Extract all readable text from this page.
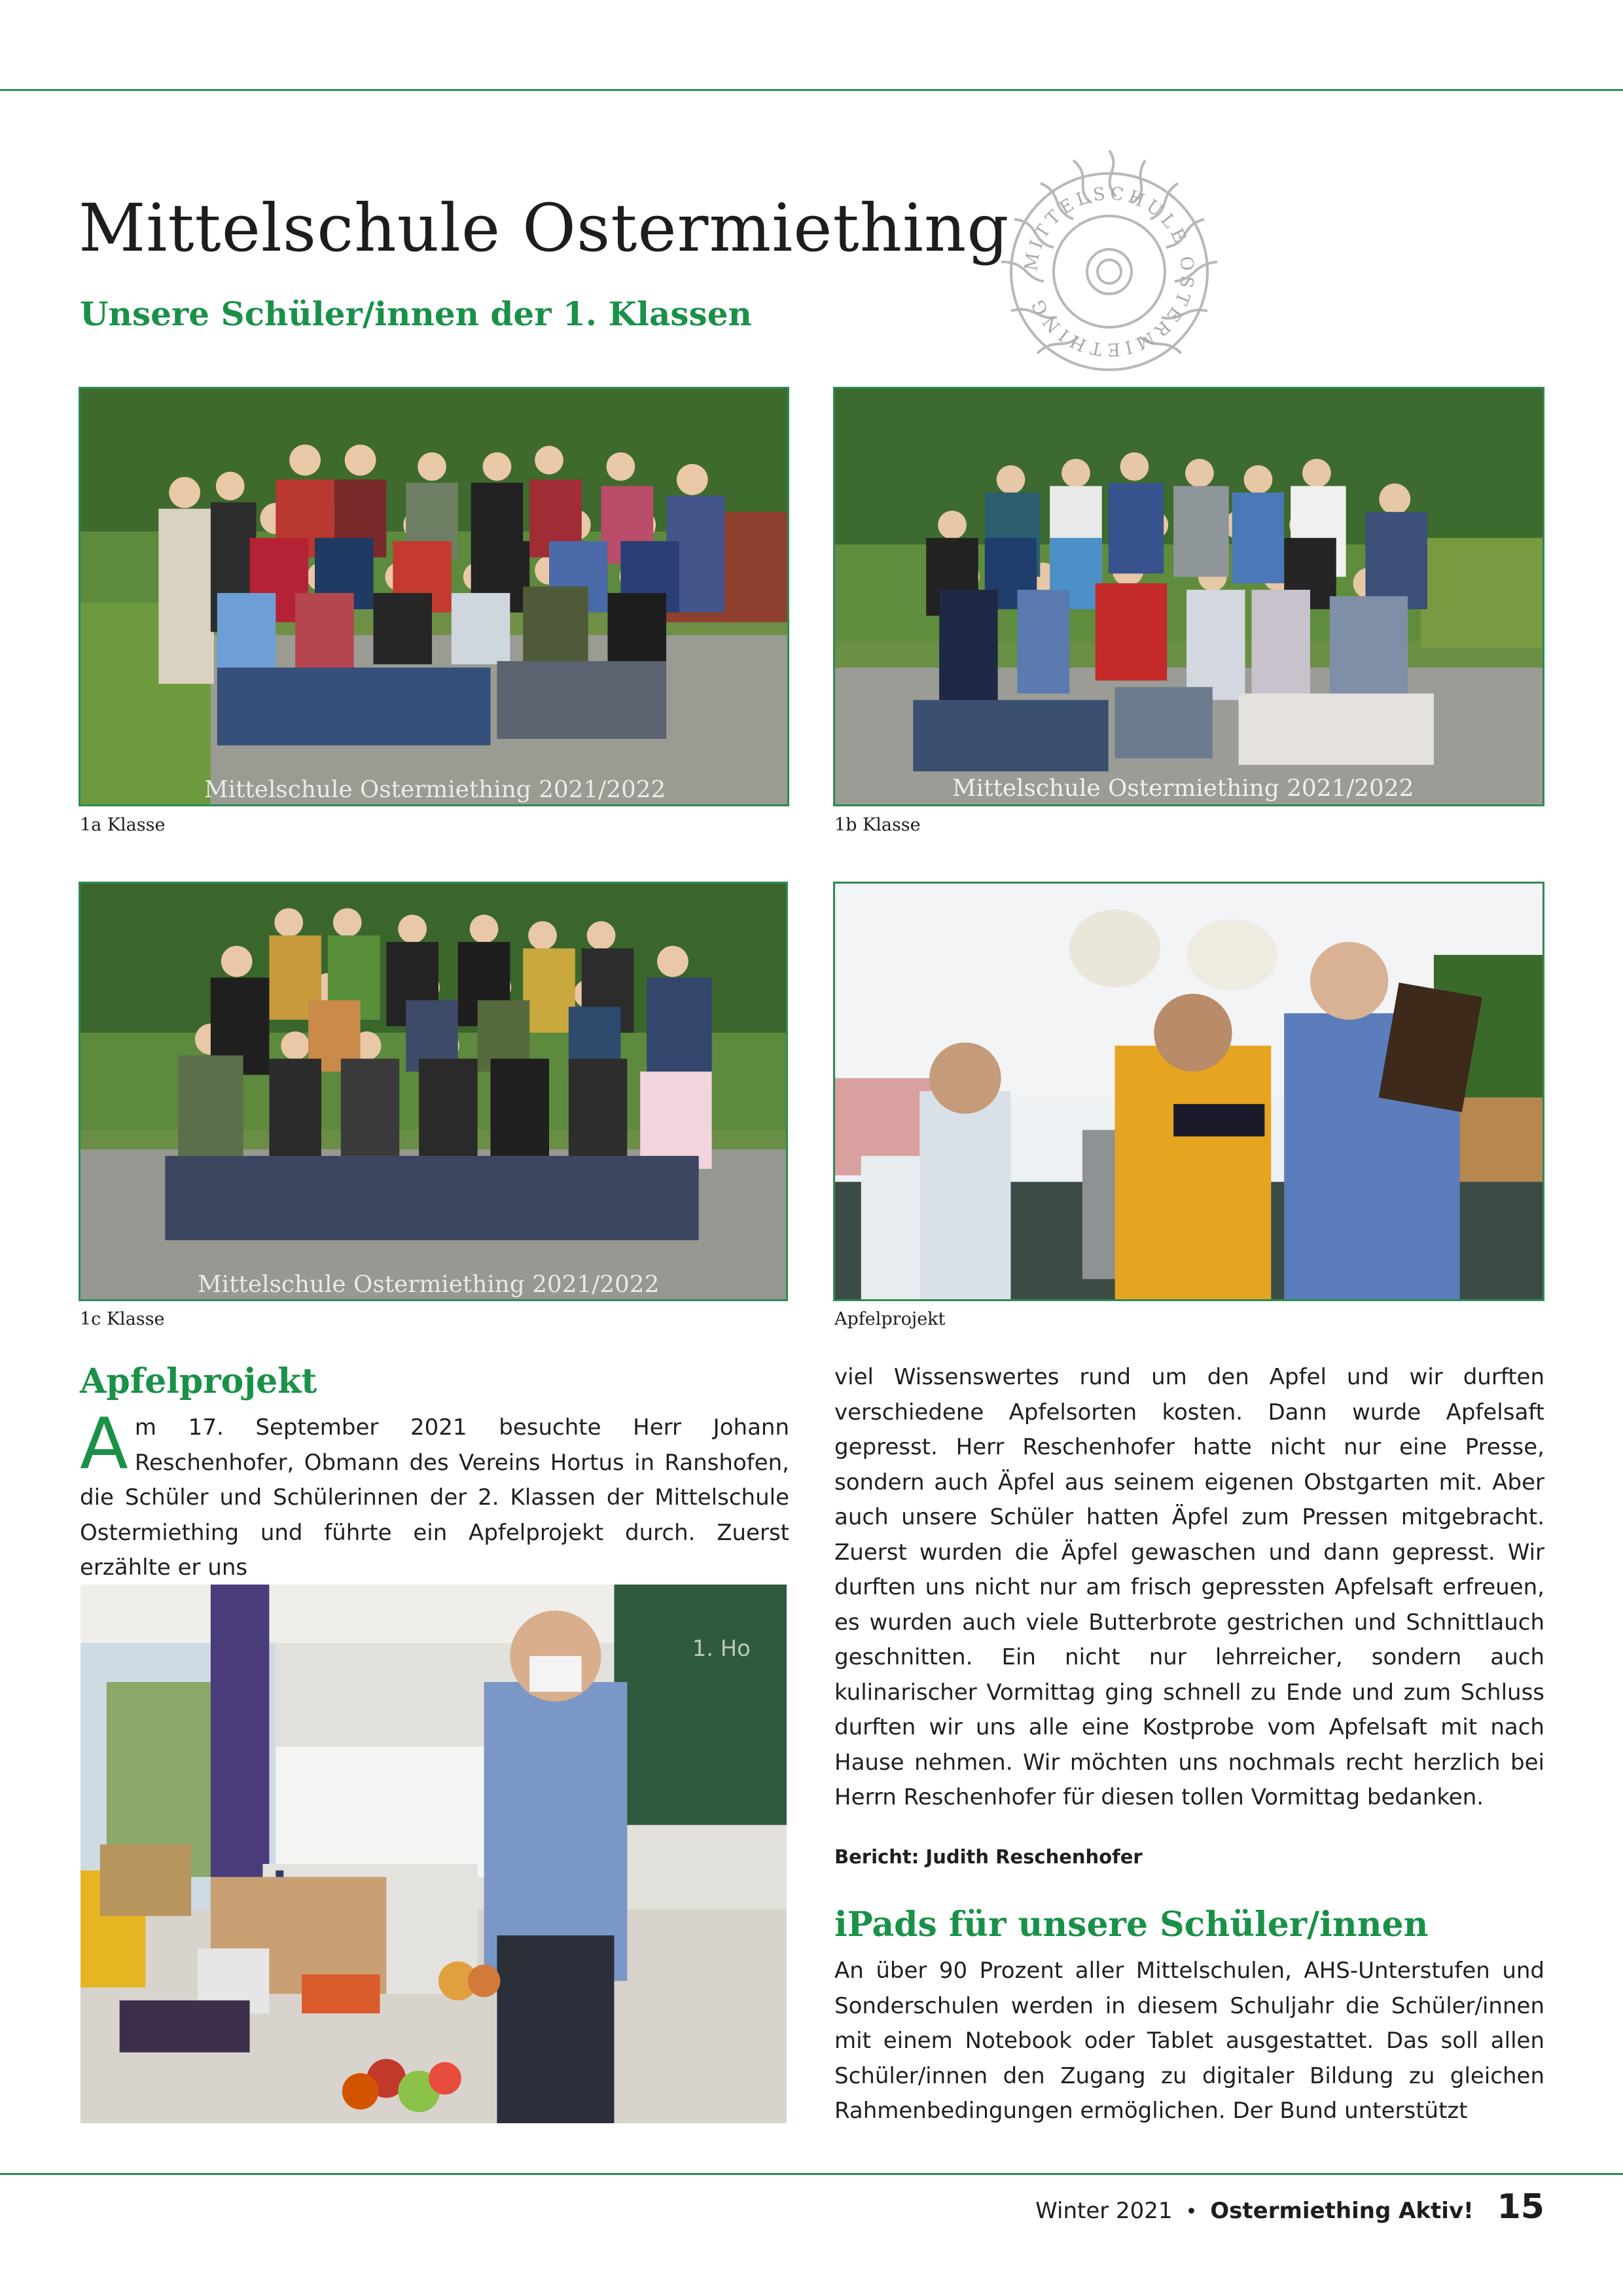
Mittelschule Ostermiething
Unsere Schüler/innen der 1. Klassen
MITTELSCHULE OSTERMIETHING
Mittelschule Ostermiething 2021/2022

1a Klasse

Mittelschule Ostermiething 2021/2022

1b Klasse

Mittelschule Ostermiething 2021/2022

1c Klasse	Apfelprojekt

Apfelprojekt
Am 17. September 2021 besuchte Herr Johann Reschenhofer, Obmann des Vereins Hortus in Ranshofen, die Schüler und Schülerinnen der 2. Klassen der Mittelschule Ostermiething und führte ein Apfelprojekt durch. Zuerst erzählte er uns
1. Ho
viel Wissenswertes rund um den Apfel und wir durften verschiedene Apfelsorten kosten. Dann wurde Apfelsaft gepresst. Herr Reschenhofer hatte nicht nur eine Presse, sondern auch Äpfel aus seinem eigenen Obstgarten mit. Aber auch unsere Schüler hatten Äpfel zum Pressen mitgebracht. Zuerst wurden die Äpfel gewaschen und dann gepresst. Wir durften uns nicht nur am frisch gepressten Apfelsaft erfreuen, es wurden auch viele Butterbrote gestrichen und Schnittlauch geschnitten. Ein nicht nur lehrreicher, sondern auch kulinarischer Vormittag ging schnell zu Ende und zum Schluss durften wir uns alle eine Kostprobe vom Apfelsaft mit nach Hause nehmen. Wir möchten uns nochmals recht herzlich bei Herrn Reschenhofer für diesen tollen Vormittag bedanken.

Bericht: Judith Reschenhofer

iPads für unsere Schüler/innen
An über 90 Prozent aller Mittelschulen, AHS-Unterstufen und Sonderschulen werden in diesem Schuljahr die Schüler/innen mit einem Notebook oder Tablet ausgestattet. Das soll allen Schüler/innen den Zugang zu digitaler Bildung zu gleichen Rahmenbedingungen ermöglichen. Der Bund unterstützt
Winter 2021 • Ostermiething Aktiv! 15
